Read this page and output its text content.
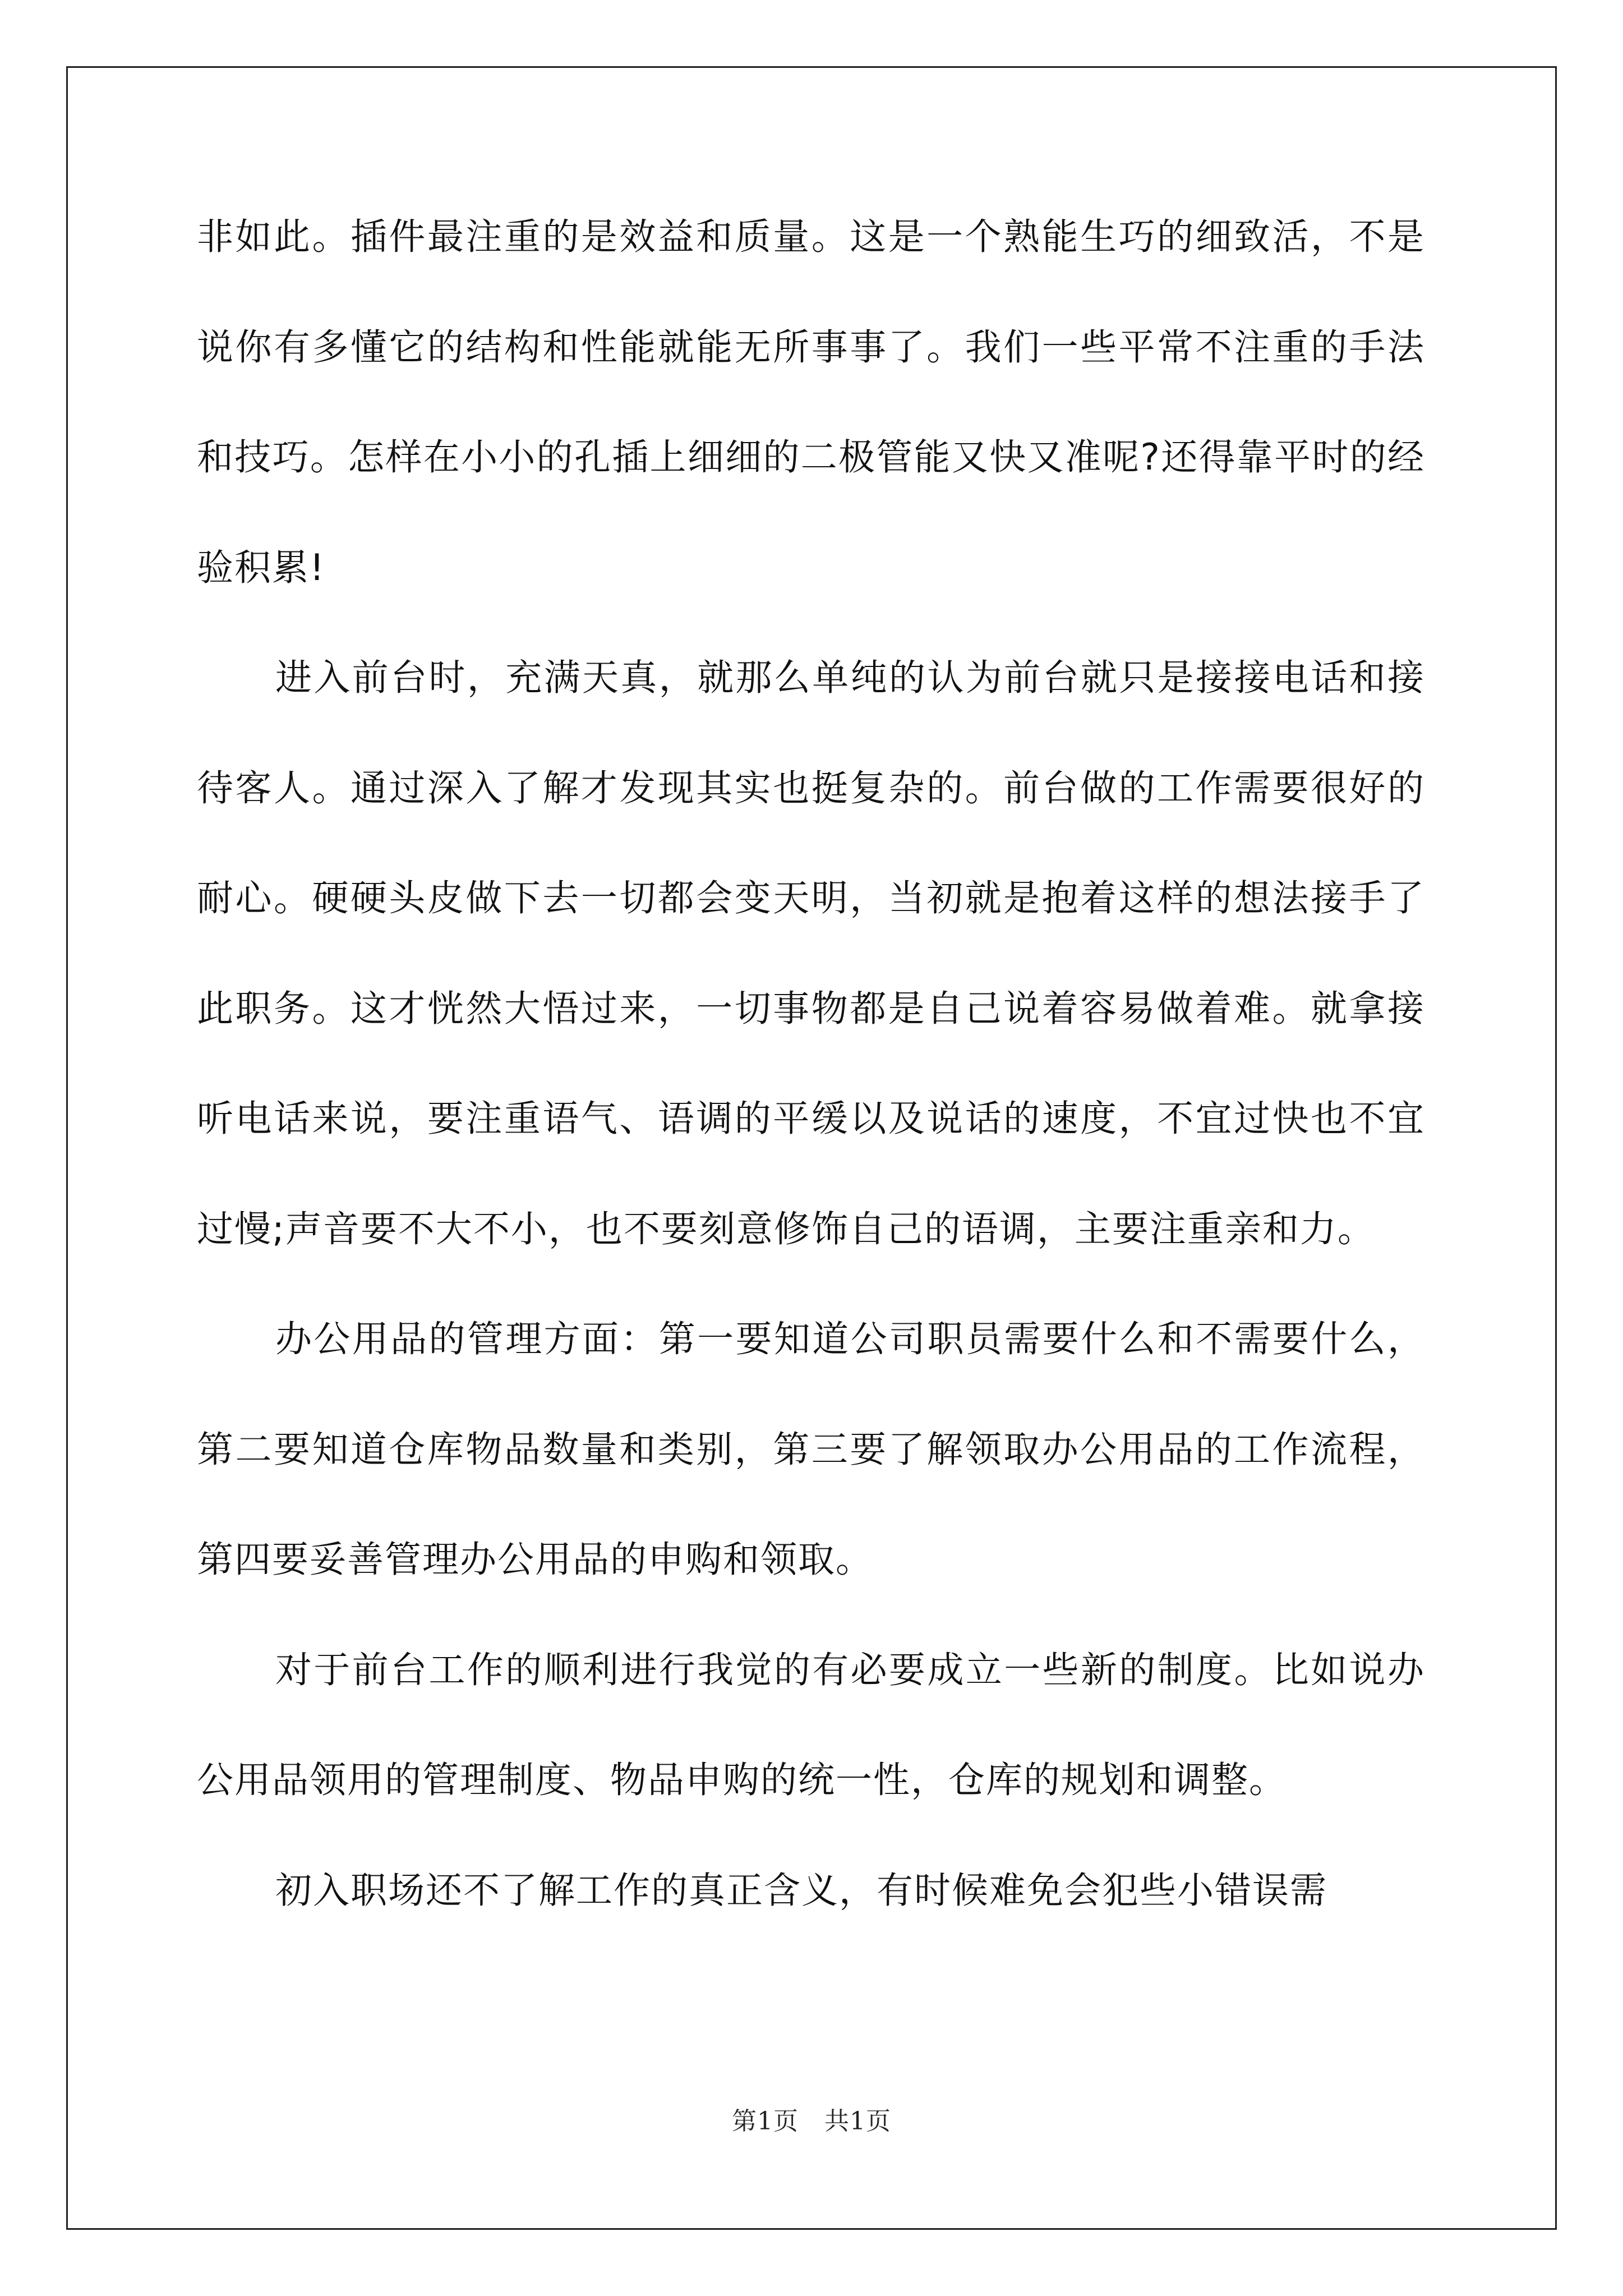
非如此。插件最注重的是效益和质量。这是一个熟能生巧的细致活，不是说你有多懂它的结构和性能就能无所事事了。我们一些平常不注重的手法和技巧。怎样在小小的孔插上细细的二极管能又快又准呢?还得靠平时的经验积累!

进入前台时，充满天真，就那么单纯的认为前台就只是接接电话和接待客人。通过深入了解才发现其实也挺复杂的。前台做的工作需要很好的耐心。硬硬头皮做下去一切都会变天明，当初就是抱着这样的想法接手了此职务。这才恍然大悟过来，一切事物都是自己说着容易做着难。就拿接听电话来说，要注重语气、语调的平缓以及说话的速度，不宜过快也不宜过慢;声音要不大不小，也不要刻意修饰自己的语调，主要注重亲和力。

办公用品的管理方面：第一要知道公司职员需要什么和不需要什么，第二要知道仓库物品数量和类别，第三要了解领取办公用品的工作流程，第四要妥善管理办公用品的申购和领取。

对于前台工作的顺利进行我觉的有必要成立一些新的制度。比如说办公用品领用的管理制度、物品申购的统一性，仓库的规划和调整。

初入职场还不了解工作的真正含义，有时候难免会犯些小错误需

第1页 共1页
